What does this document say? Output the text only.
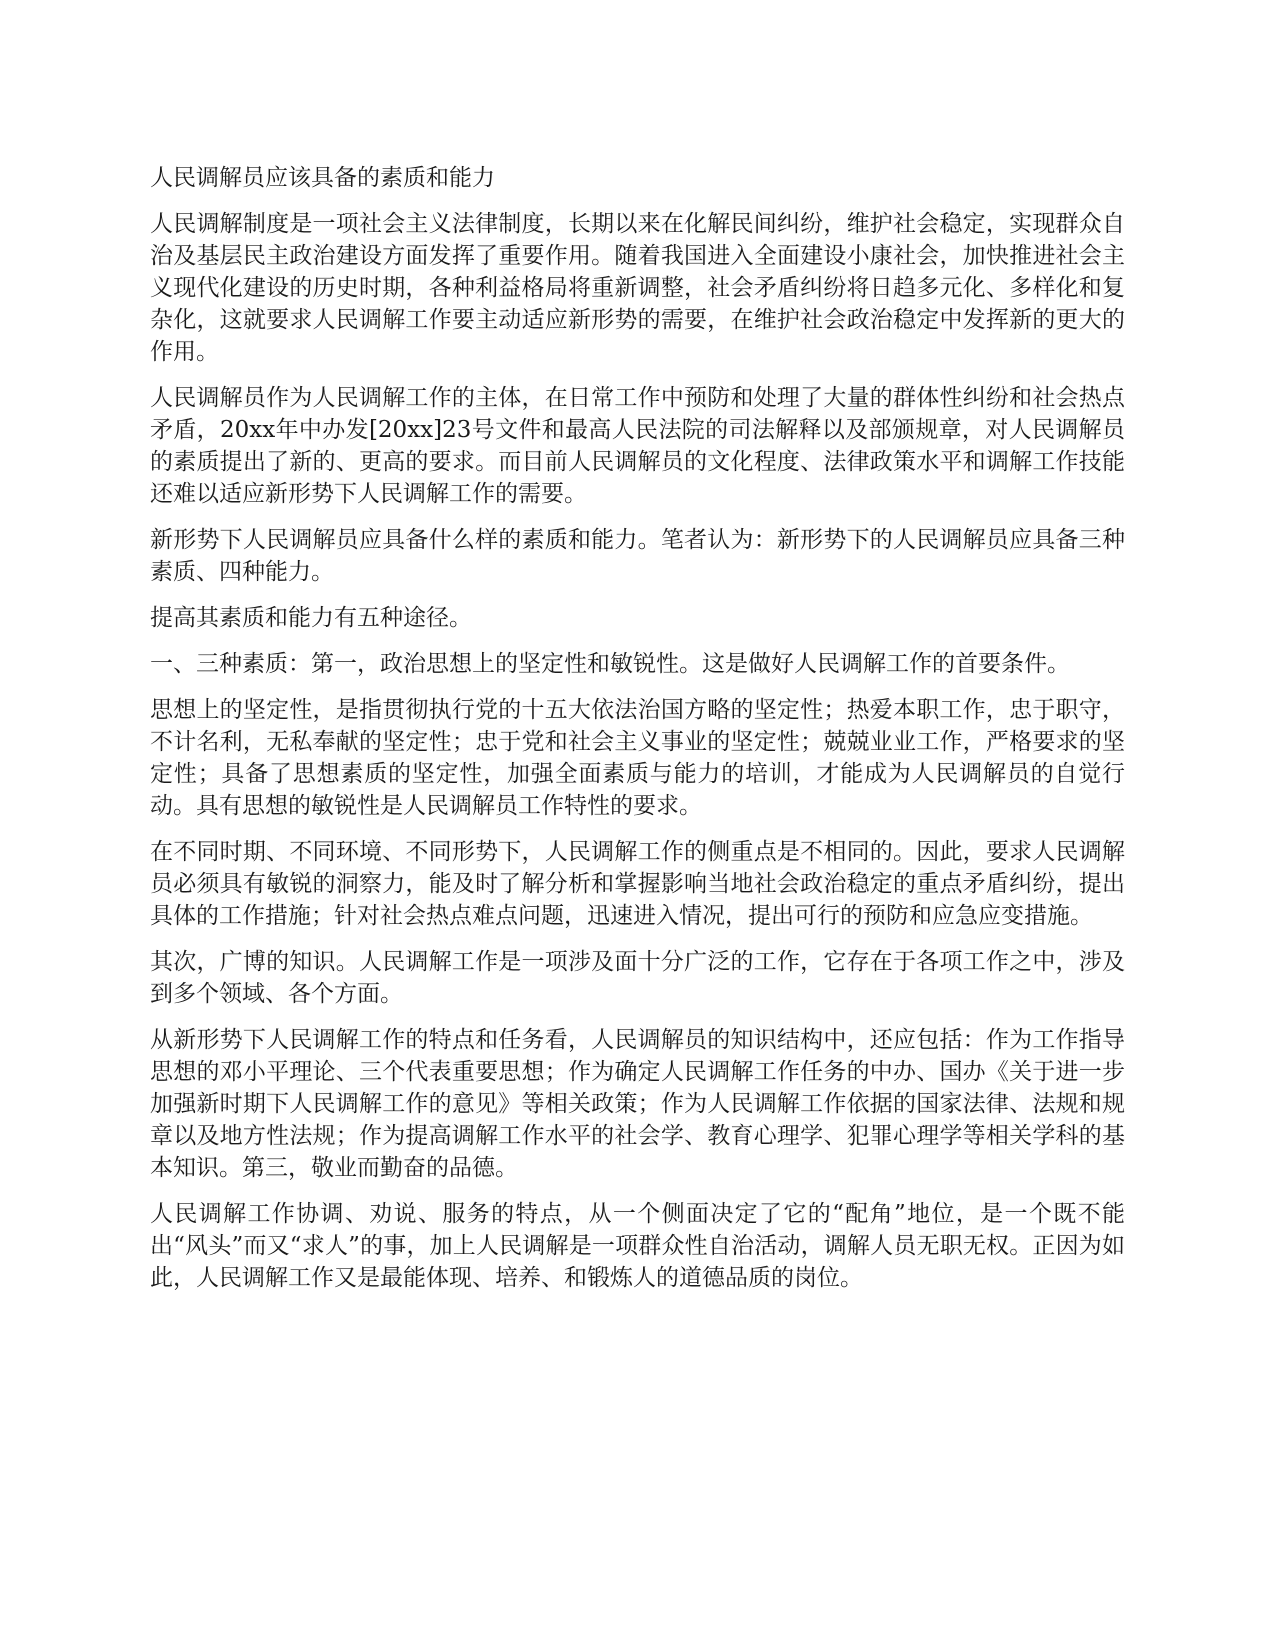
人民调解员应该具备的素质和能力

人民调解制度是一项社会主义法律制度，长期以来在化解民间纠纷，维护社会稳定，实现群众自治及基层民主政治建设方面发挥了重要作用。随着我国进入全面建设小康社会，加快推进社会主义现代化建设的历史时期，各种利益格局将重新调整，社会矛盾纠纷将日趋多元化、多样化和复杂化，这就要求人民调解工作要主动适应新形势的需要，在维护社会政治稳定中发挥新的更大的作用。

人民调解员作为人民调解工作的主体，在日常工作中预防和处理了大量的群体性纠纷和社会热点矛盾，20xx年中办发[20xx]23号文件和最高人民法院的司法解释以及部颁规章，对人民调解员的素质提出了新的、更高的要求。而目前人民调解员的文化程度、法律政策水平和调解工作技能还难以适应新形势下人民调解工作的需要。

新形势下人民调解员应具备什么样的素质和能力。笔者认为：新形势下的人民调解员应具备三种素质、四种能力。

提高其素质和能力有五种途径。

一、三种素质：第一，政治思想上的坚定性和敏锐性。这是做好人民调解工作的首要条件。

思想上的坚定性，是指贯彻执行党的十五大依法治国方略的坚定性；热爱本职工作，忠于职守，不计名利，无私奉献的坚定性；忠于党和社会主义事业的坚定性；兢兢业业工作，严格要求的坚定性；具备了思想素质的坚定性，加强全面素质与能力的培训，才能成为人民调解员的自觉行动。具有思想的敏锐性是人民调解员工作特性的要求。

在不同时期、不同环境、不同形势下，人民调解工作的侧重点是不相同的。因此，要求人民调解员必须具有敏锐的洞察力，能及时了解分析和掌握影响当地社会政治稳定的重点矛盾纠纷，提出具体的工作措施；针对社会热点难点问题，迅速进入情况，提出可行的预防和应急应变措施。

其次，广博的知识。人民调解工作是一项涉及面十分广泛的工作，它存在于各项工作之中，涉及到多个领域、各个方面。

从新形势下人民调解工作的特点和任务看，人民调解员的知识结构中，还应包括：作为工作指导思想的邓小平理论、三个代表重要思想；作为确定人民调解工作任务的中办、国办《关于进一步加强新时期下人民调解工作的意见》等相关政策；作为人民调解工作依据的国家法律、法规和规章以及地方性法规；作为提高调解工作水平的社会学、教育心理学、犯罪心理学等相关学科的基本知识。第三，敬业而勤奋的品德。

人民调解工作协调、劝说、服务的特点，从一个侧面决定了它的“配角”地位，是一个既不能出“风头”而又“求人”的事，加上人民调解是一项群众性自治活动，调解人员无职无权。正因为如此，人民调解工作又是最能体现、培养、和锻炼人的道德品质的岗位。
